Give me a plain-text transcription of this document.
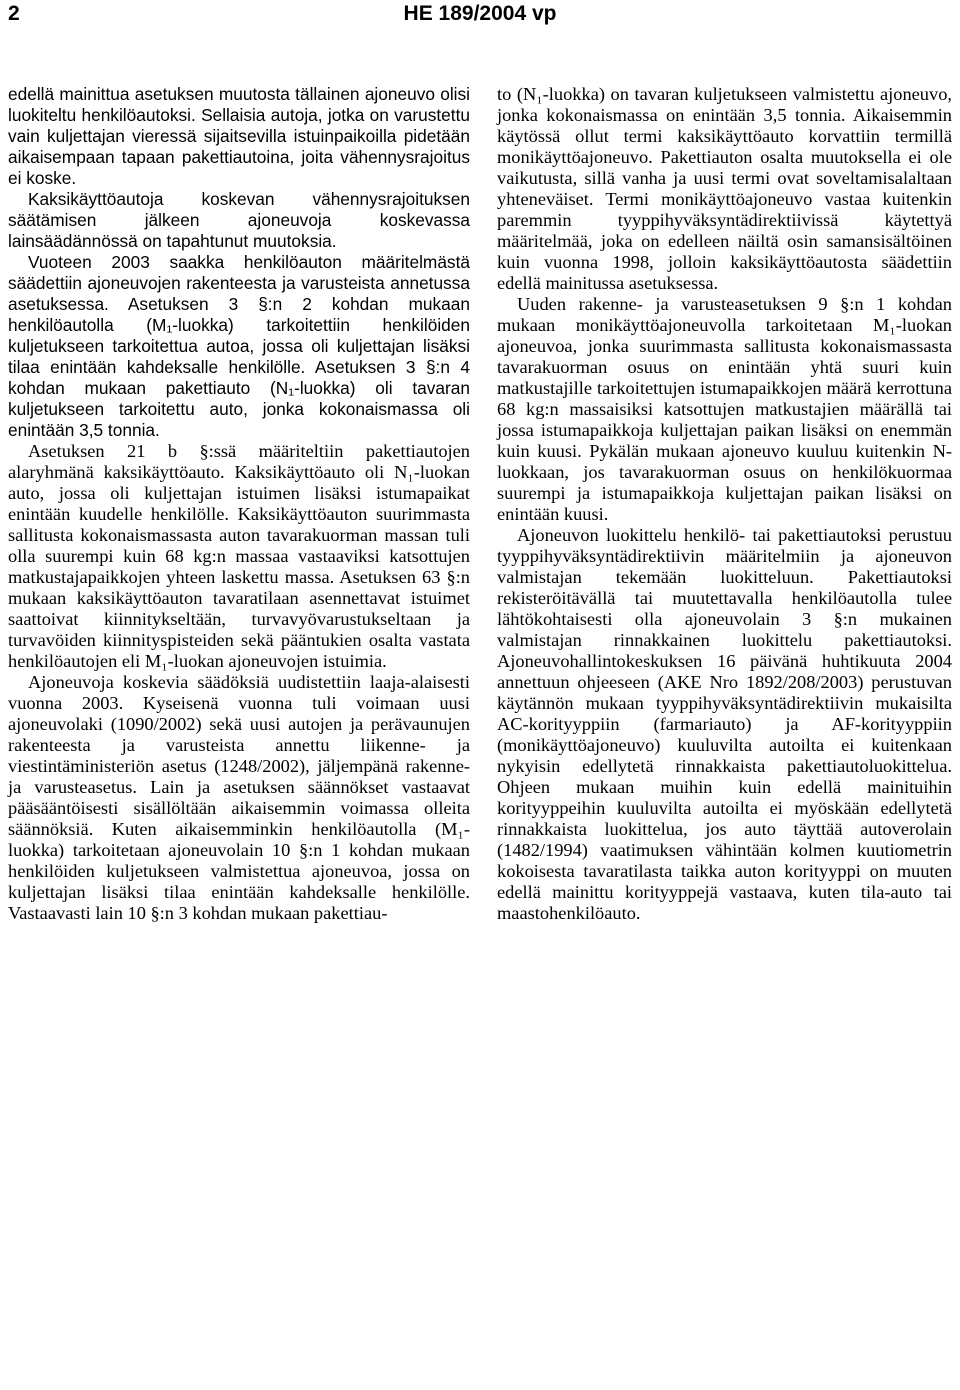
2	HE 189/2004 vp

edellä mainittua asetuksen muutosta tällainen ajoneuvo olisi luokiteltu henkilöautoksi. Sellaisia autoja, jotka on varustettu vain kuljettajan vieressä sijaitsevilla istuinpaikoilla pidetään aikaisempaan tapaan pakettiautoina, joita vähennysrajoitus ei koske.

Kaksikäyttöautoja koskevan vähennysrajoituksen säätämisen jälkeen ajoneuvoja koskevassa lainsäädännössä on tapahtunut muutoksia.

Vuoteen 2003 saakka henkilöauton määritelmästä säädettiin ajoneuvojen rakenteesta ja varusteista annetussa asetuksessa. Asetuksen 3 §:n 2 kohdan mukaan henkilöautolla (M₁-luokka) tarkoitettiin henkilöiden kuljetukseen tarkoitettua autoa, jossa oli kuljettajan lisäksi tilaa enintään kahdeksalle henkilölle. Asetuksen 3 §:n 4 kohdan mukaan pakettiauto (N₁-luokka) oli tavaran kuljetukseen tarkoitettu auto, jonka kokonaismassa oli enintään 3,5 tonnia.

Asetuksen 21 b §:ssä määriteltiin pakettiautojen alaryhmänä kaksikäyttöauto. Kaksikäyttöauto oli N₁-luokan auto, jossa oli kuljettajan istuimen lisäksi istumapaikat enintään kuudelle henkilölle. Kaksikäyttöauton suurimmasta sallitusta kokonaismassasta auton tavarakuorman massan tuli olla suurempi kuin 68 kg:n massaa vastaaviksi katsottujen matkustajapaikkojen yhteen laskettu massa. Asetuksen 63 §:n mukaan kaksikäyttöauton tavaratilaan asennettavat istuimet saattoivat kiinnitykseltään, turvavyövarustukseltaan ja turvavöiden kiinnityspisteiden sekä pääntukien osalta vastata henkilöautojen eli M₁-luokan ajoneuvojen istuimia.

Ajoneuvoja koskevia säädöksiä uudistettiin laaja-alaisesti vuonna 2003. Kyseisenä vuonna tuli voimaan uusi ajoneuvolaki (1090/2002) sekä uusi autojen ja perävaunujen rakenteesta ja varusteista annettu liikenne- ja viestintäministeriön asetus (1248/2002), jäljempänä rakenne- ja varusteasetus. Lain ja asetuksen säännökset vastaavat pääsääntöisesti sisällöltään aikaisemmin voimassa olleita säännöksiä. Kuten aikaisemminkin henkilöautolla (M₁-luokka) tarkoitetaan ajoneuvolain 10 §:n 1 kohdan mukaan henkilöiden kuljetukseen valmistettua ajoneuvoa, jossa on kuljettajan lisäksi tilaa enintään kahdeksalle henkilölle. Vastaavasti lain 10 §:n 3 kohdan mukaan pakettiau-

to (N₁-luokka) on tavaran kuljetukseen valmistettu ajoneuvo, jonka kokonaismassa on enintään 3,5 tonnia. Aikaisemmin käytössä ollut termi kaksikäyttöauto korvattiin termillä monikäyttöajoneuvo. Pakettiauton osalta muutoksella ei ole vaikutusta, sillä vanha ja uusi termi ovat soveltamisalaltaan yhteneväiset. Termi monikäyttöajoneuvo vastaa kuitenkin paremmin tyyppihyväksyntädirektiivissä käytettyä määritelmää, joka on edelleen näiltä osin samansisältöinen kuin vuonna 1998, jolloin kaksikäyttöautosta säädettiin edellä mainitussa asetuksessa.

Uuden rakenne- ja varusteasetuksen 9 §:n 1 kohdan mukaan monikäyttöajoneuvolla tarkoitetaan M₁-luokan ajoneuvoa, jonka suurimmasta sallitusta kokonaismassasta tavarakuorman osuus on enintään yhtä suuri kuin matkustajille tarkoitettujen istumapaikkojen määrä kerrottuna 68 kg:n massaisiksi katsottujen matkustajien määrällä tai jossa istumapaikkoja kuljettajan paikan lisäksi on enemmän kuin kuusi. Pykälän mukaan ajoneuvo kuuluu kuitenkin N-luokkaan, jos tavarakuorman osuus on henkilökuormaa suurempi ja istumapaikkoja kuljettajan paikan lisäksi on enintään kuusi.

Ajoneuvon luokittelu henkilö- tai pakettiautoksi perustuu tyyppihyväksyntädirektiivin määritelmiin ja ajoneuvon valmistajan tekemään luokitteluun. Pakettiautoksi rekisteröitävällä tai muutettavalla henkilöautolla tulee lähtökohtaisesti olla ajoneuvolain 3 §:n mukainen valmistajan rinnakkainen luokittelu pakettiautoksi. Ajoneuvohallintokeskuksen 16 päivänä huhtikuuta 2004 annettuun ohjeeseen (AKE Nro 1892/208/2003) perustuvan käytännön mukaan tyyppihyväksyntädirektiivin mukaisilta AC-korityyppiin (farmariauto) ja AF-korityyppiin (monikäyttöajoneuvo) kuuluvilta autoilta ei kuitenkaan nykyisin edellytetä rinnakkaista pakettiautoluokittelua. Ohjeen mukaan muihin kuin edellä mainituihin korityyppeihin kuuluvilta autoilta ei myöskään edellytetä rinnakkaista luokittelua, jos auto täyttää autoverolain (1482/1994) vaatimuksen vähintään kolmen kuutiometrin kokoisesta tavaratilasta taikka auton korityyppi on muuten edellä mainittu korityyppejä vastaava, kuten tila-auto tai maastohenkilöauto.
